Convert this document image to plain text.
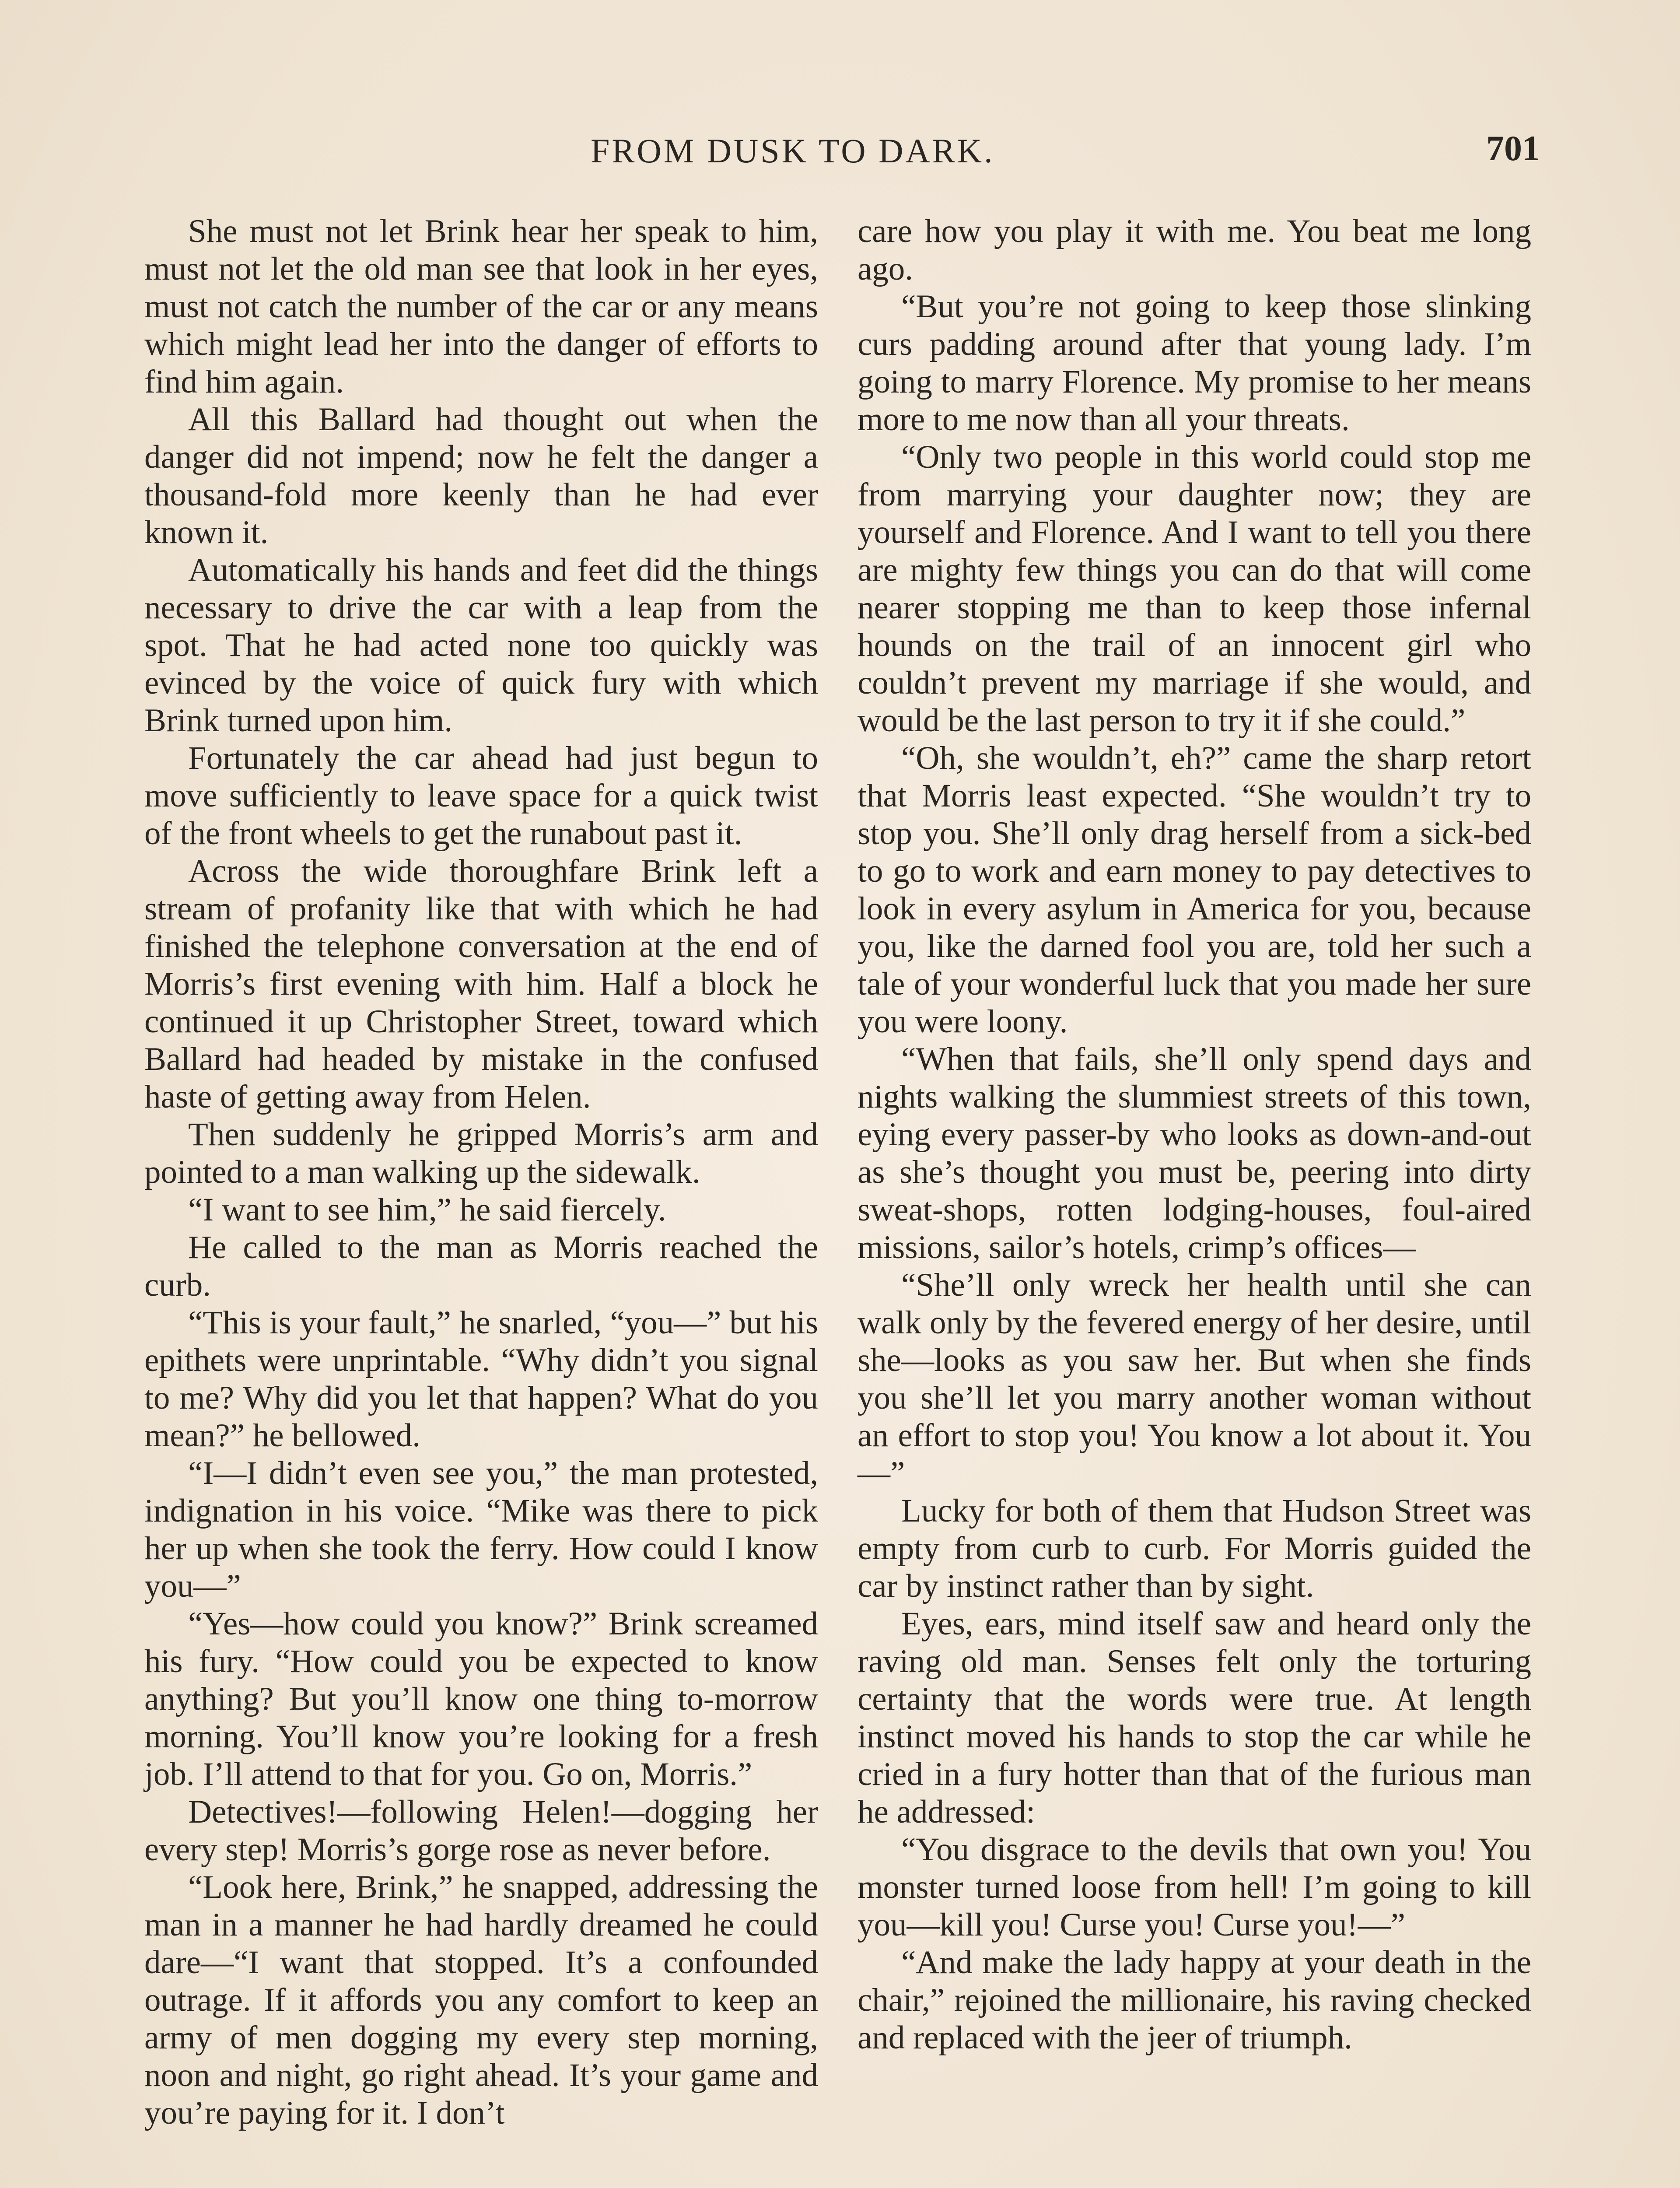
FROM DUSK TO DARK.	701

She must not let Brink hear her speak to him, must not let the old man see that look in her eyes, must not catch the number of the car or any means which might lead her into the danger of efforts to find him again.

All this Ballard had thought out when the danger did not impend; now he felt the danger a thousand-fold more keenly than he had ever known it.

Automatically his hands and feet did the things necessary to drive the car with a leap from the spot. That he had acted none too quickly was evinced by the voice of quick fury with which Brink turned upon him.

Fortunately the car ahead had just begun to move sufficiently to leave space for a quick twist of the front wheels to get the runabout past it.

Across the wide thoroughfare Brink left a stream of profanity like that with which he had finished the telephone conversation at the end of Morris’s first evening with him. Half a block he continued it up Christopher Street, toward which Ballard had headed by mistake in the confused haste of getting away from Helen.

Then suddenly he gripped Morris’s arm and pointed to a man walking up the sidewalk.

“I want to see him,” he said fiercely.

He called to the man as Morris reached the curb.

“This is your fault,” he snarled, “you—” but his epithets were unprintable. “Why didn’t you signal to me? Why did you let that happen? What do you mean?” he bellowed.

“I—I didn’t even see you,” the man protested, indignation in his voice. “Mike was there to pick her up when she took the ferry. How could I know you—”

“Yes—how could you know?” Brink screamed his fury. “How could you be expected to know anything? But you’ll know one thing to-morrow morning. You’ll know you’re looking for a fresh job. I’ll attend to that for you. Go on, Morris.”

Detectives!—following Helen!—dogging her every step! Morris’s gorge rose as never before.

“Look here, Brink,” he snapped, addressing the man in a manner he had hardly dreamed he could dare—“I want that stopped. It’s a confounded outrage. If it affords you any comfort to keep an army of men dogging my every step morning, noon and night, go right ahead. It’s your game and you’re paying for it. I don’t

care how you play it with me. You beat me long ago.

“But you’re not going to keep those slinking curs padding around after that young lady. I’m going to marry Florence. My promise to her means more to me now than all your threats.

“Only two people in this world could stop me from marrying your daughter now; they are yourself and Florence. And I want to tell you there are mighty few things you can do that will come nearer stopping me than to keep those infernal hounds on the trail of an innocent girl who couldn’t prevent my marriage if she would, and would be the last person to try it if she could.”

“Oh, she wouldn’t, eh?” came the sharp retort that Morris least expected. “She wouldn’t try to stop you. She’ll only drag herself from a sick-bed to go to work and earn money to pay detectives to look in every asylum in America for you, because you, like the darned fool you are, told her such a tale of your wonderful luck that you made her sure you were loony.

“When that fails, she’ll only spend days and nights walking the slummiest streets of this town, eying every passer-by who looks as down-and-out as she’s thought you must be, peering into dirty sweat-shops, rotten lodging-houses, foul-aired missions, sailor’s hotels, crimp’s offices—

“She’ll only wreck her health until she can walk only by the fevered energy of her desire, until she—looks as you saw her. But when she finds you she’ll let you marry another woman without an effort to stop you! You know a lot about it. You—”

Lucky for both of them that Hudson Street was empty from curb to curb. For Morris guided the car by instinct rather than by sight.

Eyes, ears, mind itself saw and heard only the raving old man. Senses felt only the torturing certainty that the words were true. At length instinct moved his hands to stop the car while he cried in a fury hotter than that of the furious man he addressed:

“You disgrace to the devils that own you! You monster turned loose from hell! I’m going to kill you—kill you! Curse you! Curse you!—”

“And make the lady happy at your death in the chair,” rejoined the millionaire, his raving checked and replaced with the jeer of triumph.
